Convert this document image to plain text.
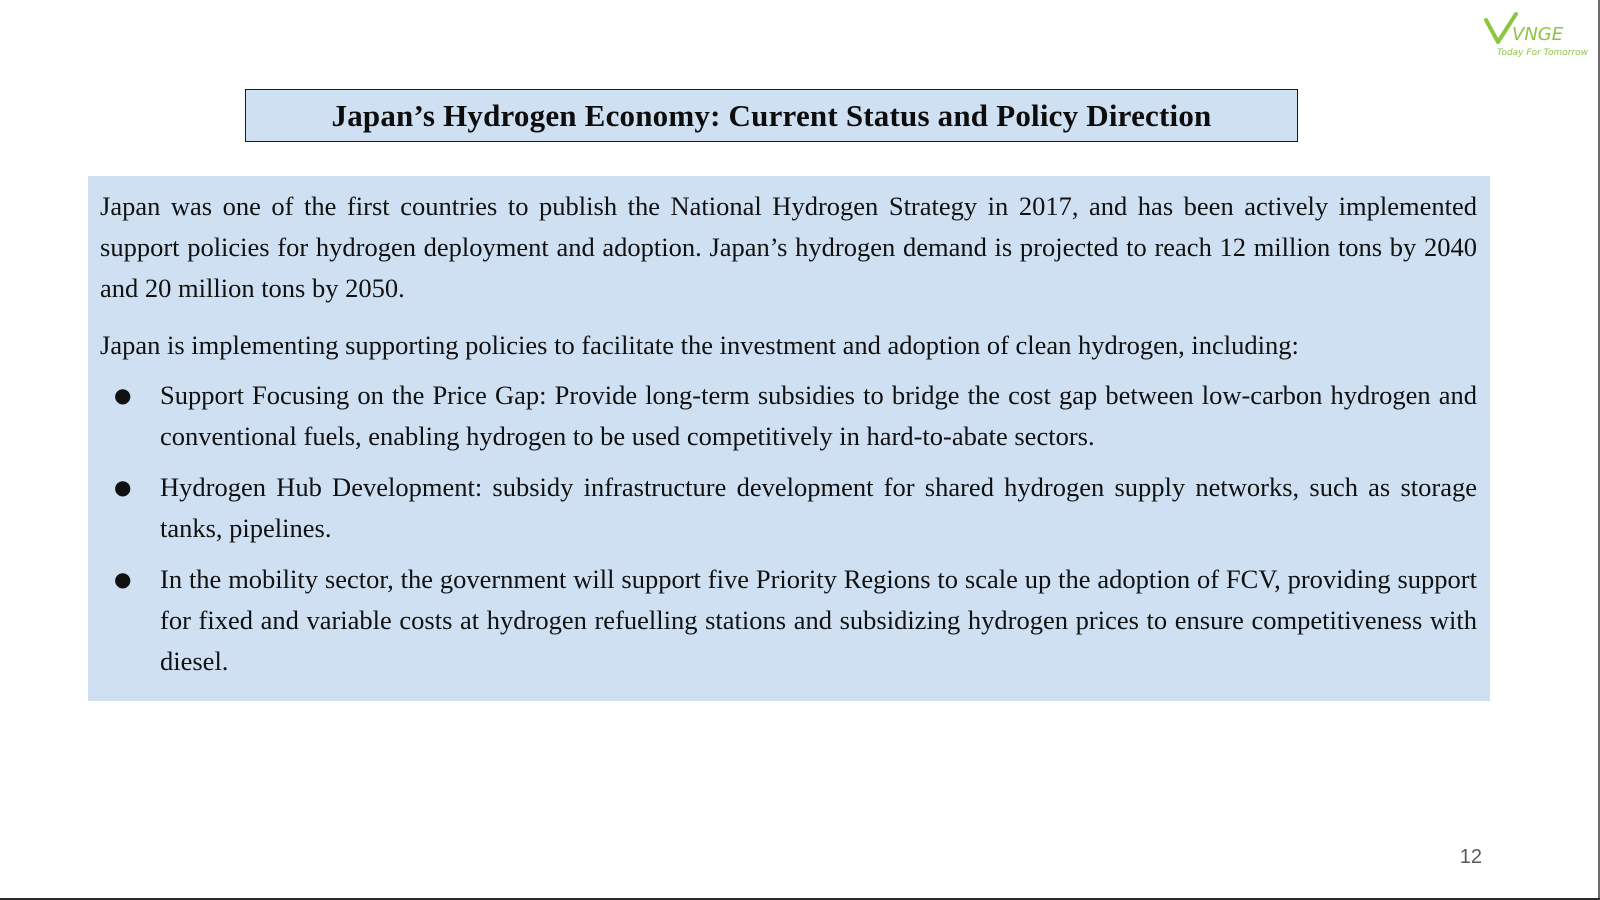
VNGE
Today For Tomorrow
Japan’s Hydrogen Economy: Current Status and Policy Direction

Japan was one of the first countries to publish the National Hydrogen Strategy in 2017, and has been actively implemented support policies for hydrogen deployment and adoption. Japan’s hydrogen demand is projected to reach 12 million tons by 2040 and 20 million tons by 2050.

Japan is implementing supporting policies to facilitate the investment and adoption of clean hydrogen, including:

● Support Focusing on the Price Gap: Provide long-term subsidies to bridge the cost gap between low-carbon hydrogen and conventional fuels, enabling hydrogen to be used competitively in hard-to-abate sectors.
● Hydrogen Hub Development: subsidy infrastructure development for shared hydrogen supply networks, such as storage tanks, pipelines.
● In the mobility sector, the government will support five Priority Regions to scale up the adoption of FCV, providing support for fixed and variable costs at hydrogen refuelling stations and subsidizing hydrogen prices to ensure competitiveness with diesel.
12
